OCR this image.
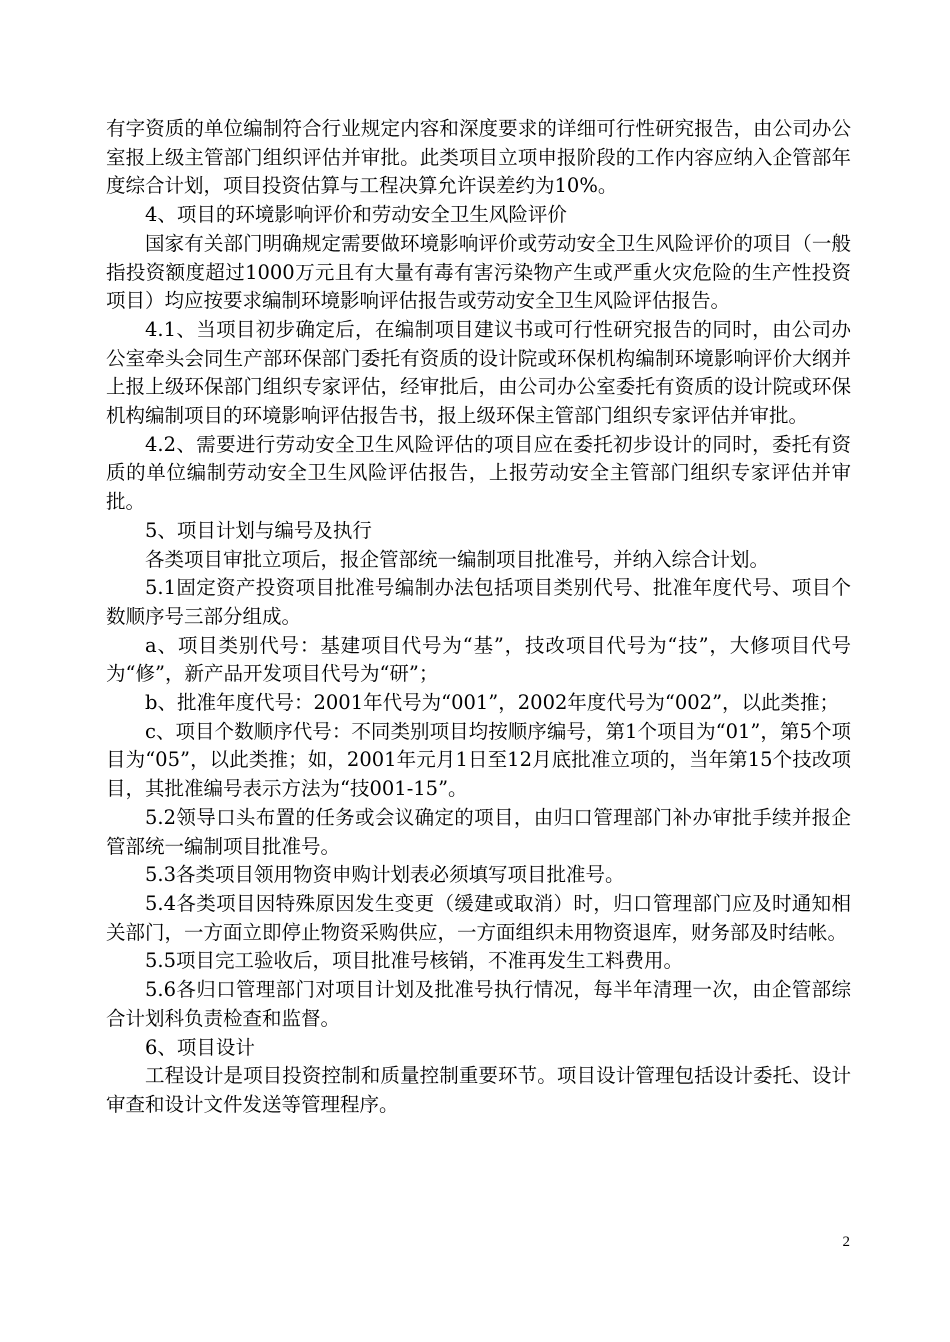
有字资质的单位编制符合行业规定内容和深度要求的详细可行性研究报告，由公司办公室报上级主管部门组织评估并审批。此类项目立项申报阶段的工作内容应纳入企管部年度综合计划，项目投资估算与工程决算允许误差约为10%。

4、项目的环境影响评价和劳动安全卫生风险评价

国家有关部门明确规定需要做环境影响评价或劳动安全卫生风险评价的项目（一般指投资额度超过1000万元且有大量有毒有害污染物产生或严重火灾危险的生产性投资项目）均应按要求编制环境影响评估报告或劳动安全卫生风险评估报告。

4.1、当项目初步确定后，在编制项目建议书或可行性研究报告的同时，由公司办公室牵头会同生产部环保部门委托有资质的设计院或环保机构编制环境影响评价大纲并上报上级环保部门组织专家评估，经审批后，由公司办公室委托有资质的设计院或环保机构编制项目的环境影响评估报告书，报上级环保主管部门组织专家评估并审批。

4.2、需要进行劳动安全卫生风险评估的项目应在委托初步设计的同时，委托有资质的单位编制劳动安全卫生风险评估报告，上报劳动安全主管部门组织专家评估并审批。

5、项目计划与编号及执行

各类项目审批立项后，报企管部统一编制项目批准号，并纳入综合计划。

5.1固定资产投资项目批准号编制办法包括项目类别代号、批准年度代号、项目个数顺序号三部分组成。

a、项目类别代号：基建项目代号为“基”，技改项目代号为“技”，大修项目代号为“修”，新产品开发项目代号为“研”；

b、批准年度代号：2001年代号为“001”，2002年度代号为“002”，以此类推；

c、项目个数顺序代号：不同类别项目均按顺序编号，第1个项目为“01”，第5个项目为“05”，以此类推；如，2001年元月1日至12月底批准立项的，当年第15个技改项目，其批准编号表示方法为“技001-15”。

5.2领导口头布置的任务或会议确定的项目，由归口管理部门补办审批手续并报企管部统一编制项目批准号。

5.3各类项目领用物资申购计划表必须填写项目批准号。

5.4各类项目因特殊原因发生变更（缓建或取消）时，归口管理部门应及时通知相关部门，一方面立即停止物资采购供应，一方面组织未用物资退库，财务部及时结帐。

5.5项目完工验收后，项目批准号核销，不准再发生工料费用。

5.6各归口管理部门对项目计划及批准号执行情况，每半年清理一次，由企管部综合计划科负责检查和监督。

6、项目设计

工程设计是项目投资控制和质量控制重要环节。项目设计管理包括设计委托、设计审查和设计文件发送等管理程序。

2
